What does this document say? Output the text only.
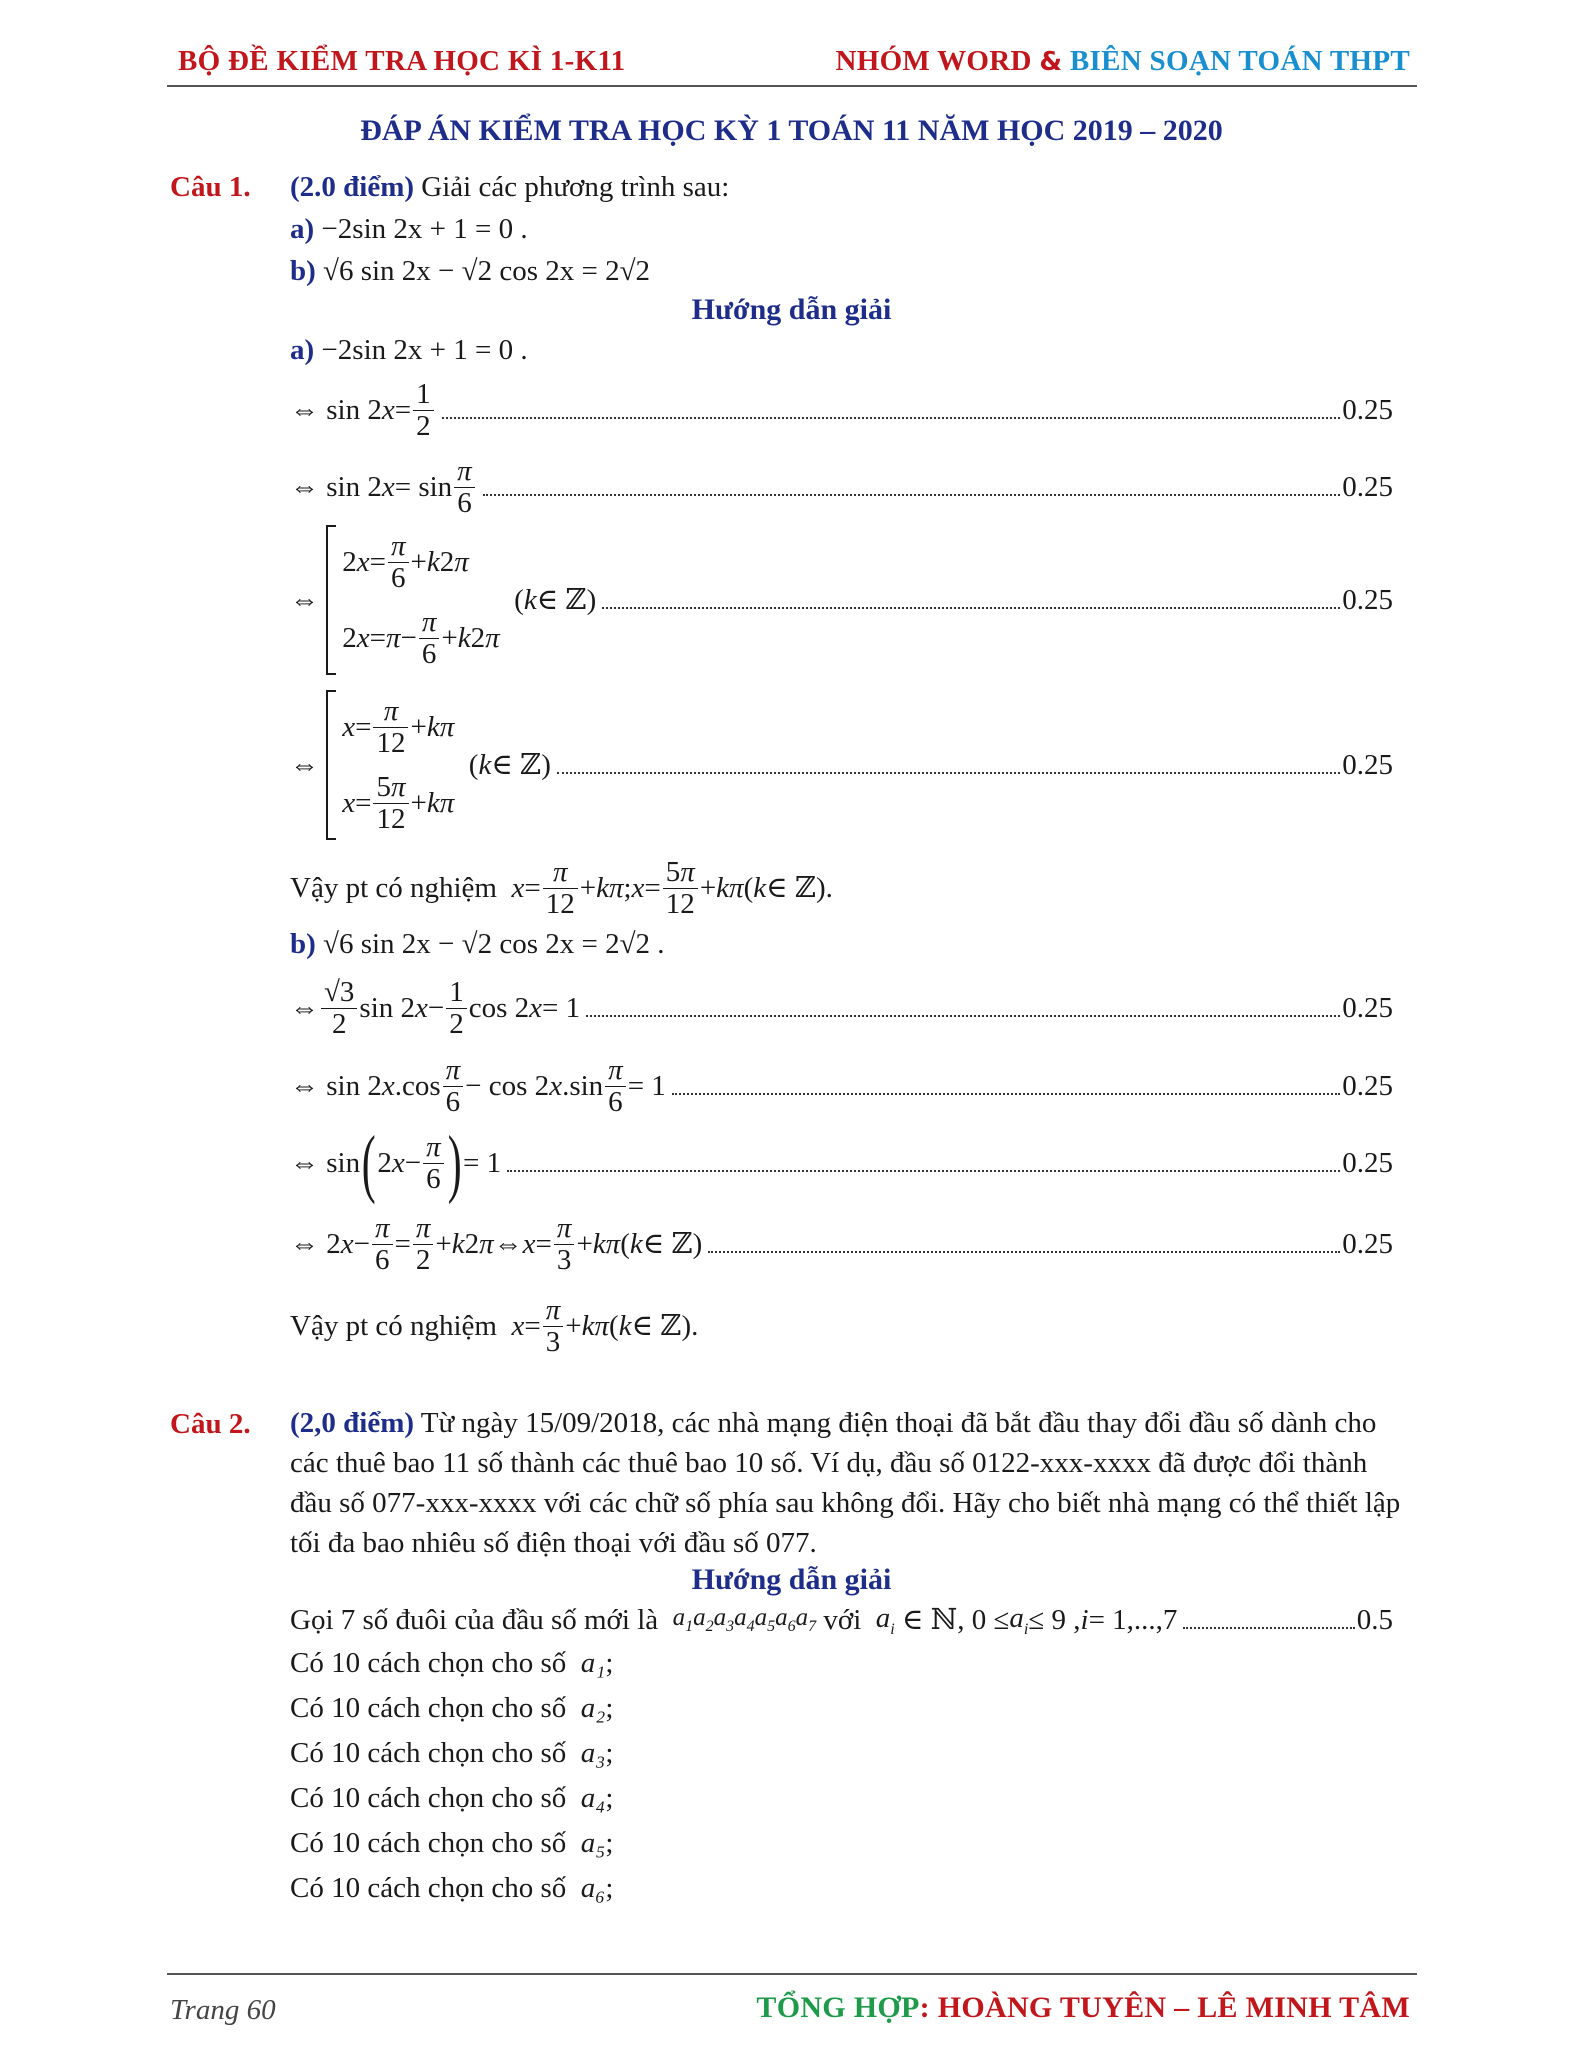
BỘ ĐỀ KIỂM TRA HỌC KÌ 1-K11	NHÓM WORD & BIÊN SOẠN TOÁN THPT
ĐÁP ÁN KIỂM TRA HỌC KỲ 1 TOÁN 11 NĂM HỌC 2019 – 2020
Câu 1. (2.0 điểm) Giải các phương trình sau:
a) −2sin 2x + 1 = 0 .
b) √6 sin 2x − √2 cos 2x = 2√2
Hướng dẫn giải
a) −2sin 2x + 1 = 0 .
⇔ sin 2 $x = \frac{1}{2}$	0.25
⇔ sin 2 $x = \sin \frac{\pi}{6}$	0.25
⇔
2 $x = \frac{\pi}{6} + k$ 2 π
2 $x = \pi - \frac{\pi}{6} + k$ 2 π
( k ∈ ℤ)	0.25
⇔
$x = \frac{\pi}{12} + k\pi$
$x = \frac{5\pi}{12} + k\pi$
( k ∈ ℤ)	0.25
Vậy pt có nghiệm
$x = \frac{\pi}{12} + k\pi$ ; $x = \frac{5\pi}{12} + k\pi$ ( k ∈ ℤ).
b) √6 sin 2x − √2 cos 2x = 2√2 .
⇔ $\frac{√3}{2}$ sin 2 $x - \frac{1}{2}$ cos 2 x = 1	0.25
⇔ sin 2 x $.\cos \frac{\pi}{6} - \cos 2$ x $.\sin \frac{\pi}{6} = 1$	0.25
⇔ sin ( 2 $x - \frac{\pi}{6}$ ) = 1	0.25
⇔ 2 $x - \frac{\pi}{6} = \frac{\pi}{2} + k$ 2 π ⇔ $x = \frac{\pi}{3} + k\pi$ ( k ∈ ℤ)	0.25
Vậy pt có nghiệm
$x = \frac{\pi}{3} + k\pi$ ( k ∈ ℤ).
Câu 2. (2,0 điểm) Từ ngày 15/09/2018, các nhà mạng điện thoại đã bắt đầu thay đổi đầu số dành cho các thuê bao 11 số thành các thuê bao 10 số. Ví dụ, đầu số 0122-xxx-xxxx đã được đổi thành đầu số 077-xxx-xxxx với các chữ số phía sau không đổi. Hãy cho biết nhà mạng có thể thiết lập tối đa bao nhiêu số điện thoại với đầu số 077.
Hướng dẫn giải
Gọi 7 số đuôi của đầu số mới là
$a_1a_2a_3a_4a_5a_6a_7$
với
$a_i$ ∈ ℕ, $0 \le a_i \le 9$ , i = 1,...,7	0.5
Có 10 cách chọn cho số a₁;
Có 10 cách chọn cho số a₂;
Có 10 cách chọn cho số a₃;
Có 10 cách chọn cho số a₄;
Có 10 cách chọn cho số a₅;
Có 10 cách chọn cho số a₆;
Trang 60	TỔNG HỢP: HOÀNG TUYÊN – LÊ MINH TÂM
